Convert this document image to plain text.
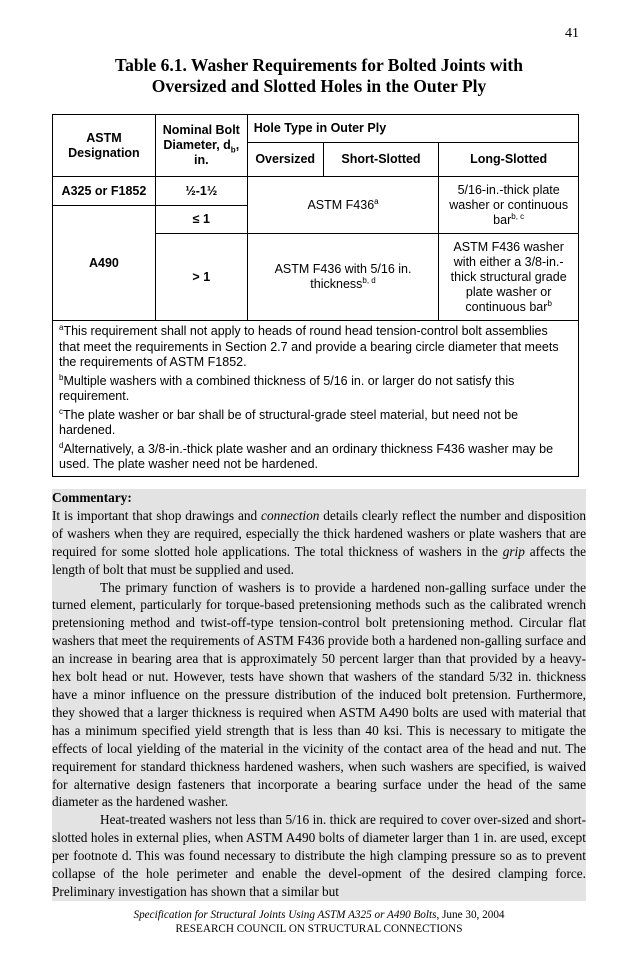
41
Table 6.1. Washer Requirements for Bolted Joints with
Oversized and Slotted Holes in the Outer Ply
ASTM Designation	Nominal Bolt Diameter, $d_b$, in.	Hole Type in Outer Ply		
		Oversized	Short-Slotted	Long-Slotted
A325 or F1852	½-1½	ASTM F436$^a$		5/16-in.-thick plate washer or continuous bar$^{b, c}$
A490	≤ 1			
	> 1	ASTM F436 with 5/16 in. thickness$^{b, d}$		ASTM F436 washer with either a 3/8-in.-thick structural grade plate washer or continuous bar$^b$

$^a$This requirement shall not apply to heads of round head tension-control bolt assemblies that meet the requirements in Section 2.7 and provide a bearing circle diameter that meets the requirements of ASTM F1852.

$^b$Multiple washers with a combined thickness of 5/16 in. or larger do not satisfy this requirement.

$^c$The plate washer or bar shall be of structural-grade steel material, but need not be hardened.

$^d$Alternatively, a 3/8-in.-thick plate washer and an ordinary thickness F436 washer may be used. The plate washer need not be hardened.				

Commentary:

It is important that shop drawings and connection details clearly reflect the number and disposition of washers when they are required, especially the thick hardened washers or plate washers that are required for some slotted hole applications. The total thickness of washers in the grip affects the length of bolt that must be supplied and used.

The primary function of washers is to provide a hardened non-galling surface under the turned element, particularly for torque-based pretensioning methods such as the calibrated wrench pretensioning method and twist-off-type tension-control bolt pretensioning method. Circular flat washers that meet the requirements of ASTM F436 provide both a hardened non-galling surface and an increase in bearing area that is approximately 50 percent larger than that provided by a heavy-hex bolt head or nut. However, tests have shown that washers of the standard 5/32 in. thickness have a minor influence on the pressure distribution of the induced bolt pretension. Furthermore, they showed that a larger thickness is required when ASTM A490 bolts are used with material that has a minimum specified yield strength that is less than 40 ksi. This is necessary to mitigate the effects of local yielding of the material in the vicinity of the contact area of the head and nut. The requirement for standard thickness hardened washers, when such washers are specified, is waived for alternative design fasteners that incorporate a bearing surface under the head of the same diameter as the hardened washer.

Heat-treated washers not less than 5/16 in. thick are required to cover over-sized and short-slotted holes in external plies, when ASTM A490 bolts of diameter larger than 1 in. are used, except per footnote d. This was found necessary to distribute the high clamping pressure so as to prevent collapse of the hole perimeter and enable the devel-opment of the desired clamping force. Preliminary investigation has shown that a similar but

Specification for Structural Joints Using ASTM A325 or A490 Bolts, June 30, 2004
RESEARCH COUNCIL ON STRUCTURAL CONNECTIONS
